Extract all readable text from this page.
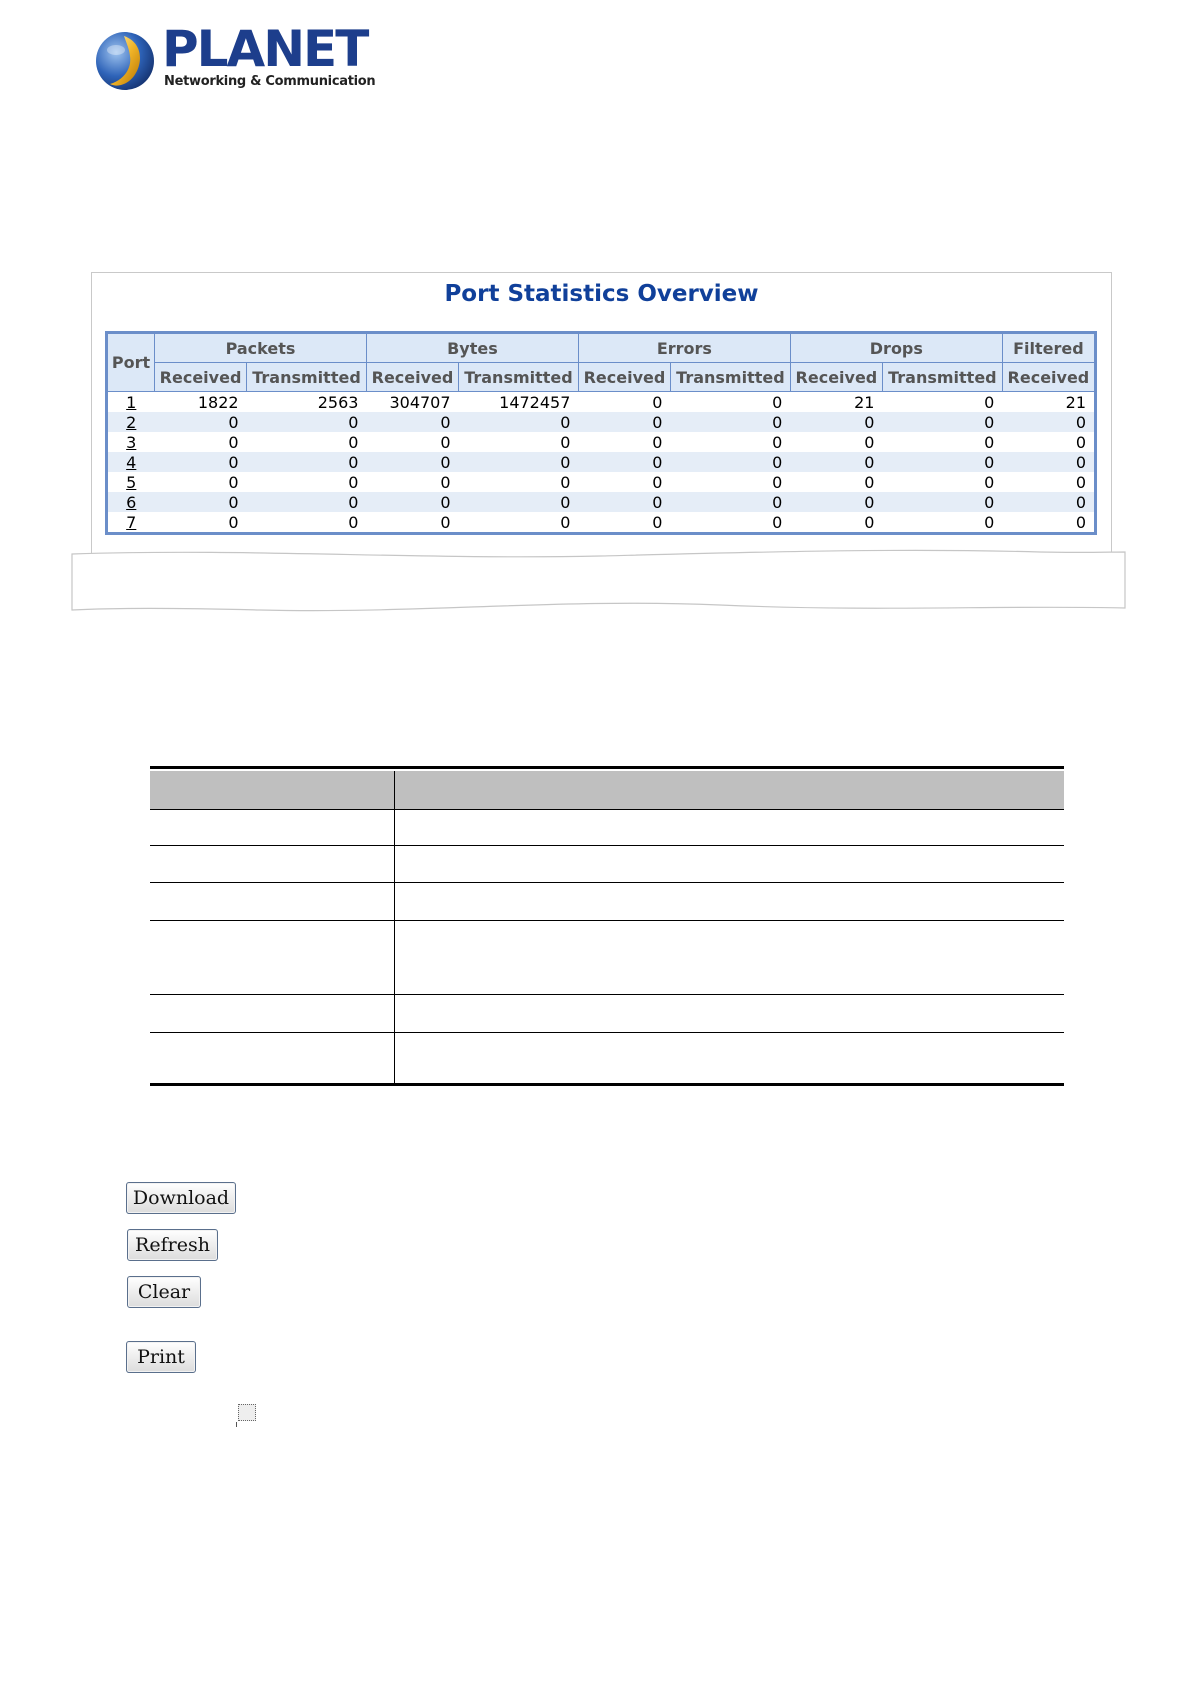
PLANET
Networking & Communication
Port Statistics Overview
Port	Packets		Bytes		Errors		Drops		Filtered
	Received	Transmitted	Received	Transmitted	Received	Transmitted	Received	Transmitted	Received
1	1822	2563	304707	1472457	0	0	21	0	21
2	0	0	0	0	0	0	0	0	0
3	0	0	0	0	0	0	0	0	0
4	0	0	0	0	0	0	0	0	0
5	0	0	0	0	0	0	0	0	0
6	0	0	0	0	0	0	0	0	0
7	0	0	0	0	0	0	0	0	0
Download
Refresh
Clear
Print
